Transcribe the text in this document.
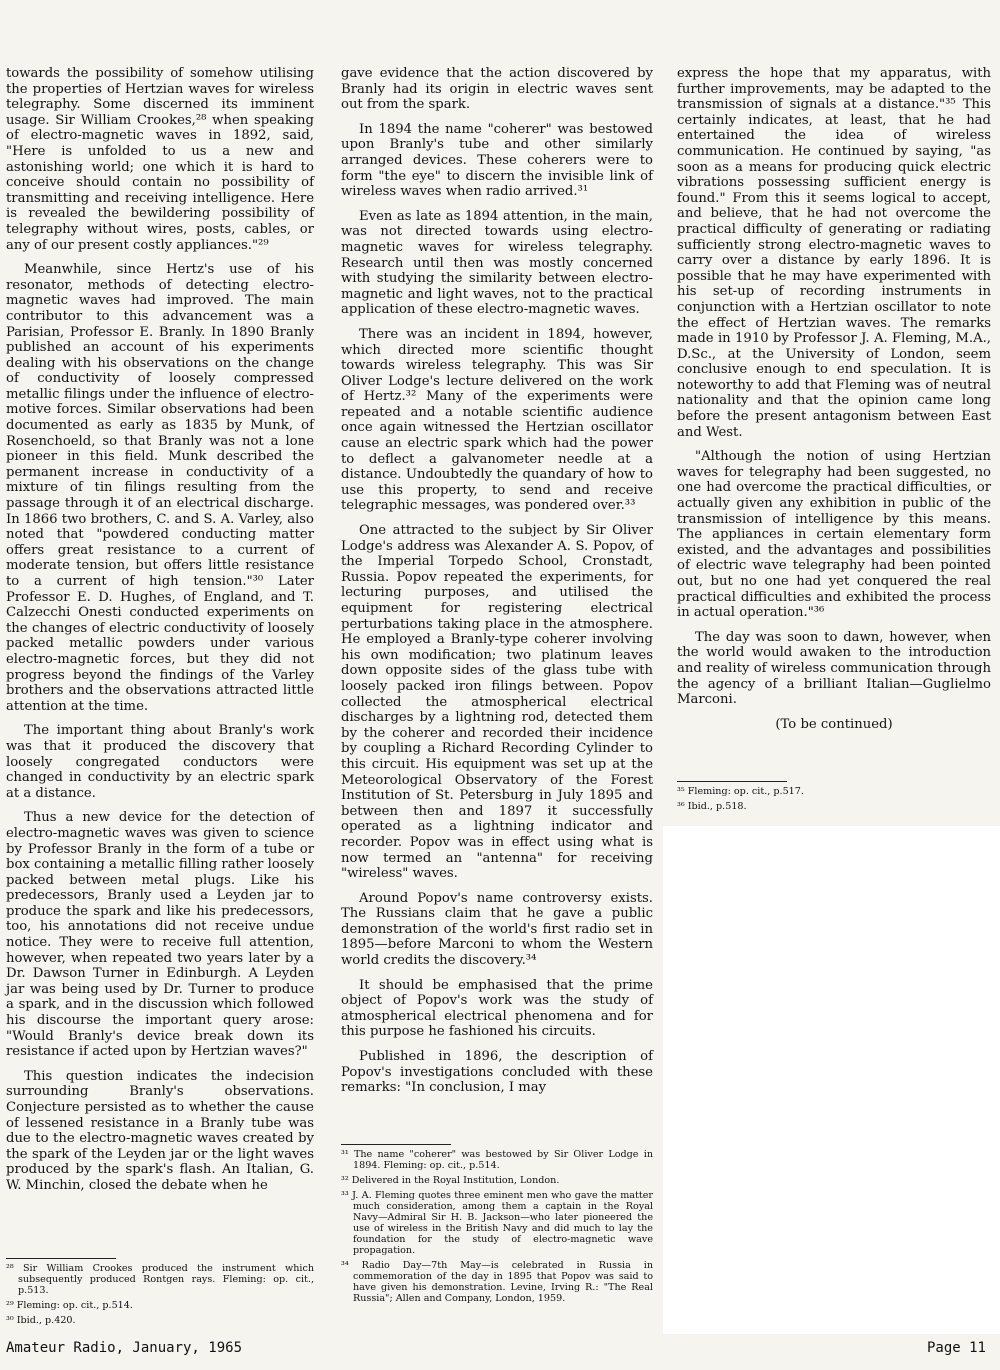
towards the possibility of somehow utilising the properties of Hertzian waves for wireless telegraphy. Some discerned its imminent usage. Sir William Crookes,²⁸ when speaking of electro-magnetic waves in 1892, said, "Here is unfolded to us a new and astonishing world; one which it is hard to conceive should contain no possibility of transmitting and receiving intelligence. Here is revealed the bewildering possibility of telegraphy without wires, posts, cables, or any of our present costly appliances."²⁹

Meanwhile, since Hertz's use of his resonator, methods of detecting electro-magnetic waves had improved. The main contributor to this advancement was a Parisian, Professor E. Branly. In 1890 Branly published an account of his experiments dealing with his observations on the change of conductivity of loosely compressed metallic filings under the influence of electro-motive forces. Similar observations had been documented as early as 1835 by Munk, of Rosenchoeld, so that Branly was not a lone pioneer in this field. Munk described the permanent increase in conductivity of a mixture of tin filings resulting from the passage through it of an electrical discharge. In 1866 two brothers, C. and S. A. Varley, also noted that "powdered conducting matter offers great resistance to a current of moderate tension, but offers little resistance to a current of high tension."³⁰ Later Professor E. D. Hughes, of England, and T. Calzecchi Onesti conducted experiments on the changes of electric conductivity of loosely packed metallic powders under various electro-magnetic forces, but they did not progress beyond the findings of the Varley brothers and the observations attracted little attention at the time.

The important thing about Branly's work was that it produced the discovery that loosely congregated conductors were changed in conductivity by an electric spark at a distance.

Thus a new device for the detection of electro-magnetic waves was given to science by Professor Branly in the form of a tube or box containing a metallic filling rather loosely packed between metal plugs. Like his predecessors, Branly used a Leyden jar to produce the spark and like his predecessors, too, his annotations did not receive undue notice. They were to receive full attention, however, when repeated two years later by a Dr. Dawson Turner in Edinburgh. A Leyden jar was being used by Dr. Turner to produce a spark, and in the discussion which followed his discourse the important query arose: "Would Branly's device break down its resistance if acted upon by Hertzian waves?"

This question indicates the indecision surrounding Branly's observations. Conjecture persisted as to whether the cause of lessened resistance in a Branly tube was due to the electro-magnetic waves created by the spark of the Leyden jar or the light waves produced by the spark's flash. An Italian, G. W. Minchin, closed the debate when he

²⁸ Sir William Crookes produced the instrument which subsequently produced Rontgen rays. Fleming: op. cit., p.513.
²⁹ Fleming: op. cit., p.514.
³⁰ Ibid., p.420.

gave evidence that the action discovered by Branly had its origin in electric waves sent out from the spark.

In 1894 the name "coherer" was bestowed upon Branly's tube and other similarly arranged devices. These coherers were to form "the eye" to discern the invisible link of wireless waves when radio arrived.³¹

Even as late as 1894 attention, in the main, was not directed towards using electro-magnetic waves for wireless telegraphy. Research until then was mostly concerned with studying the similarity between electro-magnetic and light waves, not to the practical application of these electro-magnetic waves.

There was an incident in 1894, however, which directed more scientific thought towards wireless telegraphy. This was Sir Oliver Lodge's lecture delivered on the work of Hertz.³² Many of the experiments were repeated and a notable scientific audience once again witnessed the Hertzian oscillator cause an electric spark which had the power to deflect a galvanometer needle at a distance. Undoubtedly the quandary of how to use this property, to send and receive telegraphic messages, was pondered over.³³

One attracted to the subject by Sir Oliver Lodge's address was Alexander A. S. Popov, of the Imperial Torpedo School, Cronstadt, Russia. Popov repeated the experiments, for lecturing purposes, and utilised the equipment for registering electrical perturbations taking place in the atmosphere. He employed a Branly-type coherer involving his own modification; two platinum leaves down opposite sides of the glass tube with loosely packed iron filings between. Popov collected the atmospherical electrical discharges by a lightning rod, detected them by the coherer and recorded their incidence by coupling a Richard Recording Cylinder to this circuit. His equipment was set up at the Meteorological Observatory of the Forest Institution of St. Petersburg in July 1895 and between then and 1897 it successfully operated as a lightning indicator and recorder. Popov was in effect using what is now termed an "antenna" for receiving "wireless" waves.

Around Popov's name controversy exists. The Russians claim that he gave a public demonstration of the world's first radio set in 1895—before Marconi to whom the Western world credits the discovery.³⁴

It should be emphasised that the prime object of Popov's work was the study of atmospherical electrical phenomena and for this purpose he fashioned his circuits.

Published in 1896, the description of Popov's investigations concluded with these remarks: "In conclusion, I may

³¹ The name "coherer" was bestowed by Sir Oliver Lodge in 1894. Fleming: op. cit., p.514.
³² Delivered in the Royal Institution, London.
³³ J. A. Fleming quotes three eminent men who gave the matter much consideration, among them a captain in the Royal Navy—Admiral Sir H. B. Jackson—who later pioneered the use of wireless in the British Navy and did much to lay the foundation for the study of electro-magnetic wave propagation.
³⁴ Radio Day—7th May—is celebrated in Russia in commemoration of the day in 1895 that Popov was said to have given his demonstration. Levine, Irving R.: "The Real Russia"; Allen and Company, London, 1959.

express the hope that my apparatus, with further improvements, may be adapted to the transmission of signals at a distance."³⁵ This certainly indicates, at least, that he had entertained the idea of wireless communication. He continued by saying, "as soon as a means for producing quick electric vibrations possessing sufficient energy is found." From this it seems logical to accept, and believe, that he had not overcome the practical difficulty of generating or radiating sufficiently strong electro-magnetic waves to carry over a distance by early 1896. It is possible that he may have experimented with his set-up of recording instruments in conjunction with a Hertzian oscillator to note the effect of Hertzian waves. The remarks made in 1910 by Professor J. A. Fleming, M.A., D.Sc., at the University of London, seem conclusive enough to end speculation. It is noteworthy to add that Fleming was of neutral nationality and that the opinion came long before the present antagonism between East and West.

"Although the notion of using Hertzian waves for telegraphy had been suggested, no one had overcome the practical difficulties, or actually given any exhibition in public of the transmission of intelligence by this means. The appliances in certain elementary form existed, and the advantages and possibilities of electric wave telegraphy had been pointed out, but no one had yet conquered the real practical difficulties and exhibited the process in actual operation."³⁶

The day was soon to dawn, however, when the world would awaken to the introduction and reality of wireless communication through the agency of a brilliant Italian—Guglielmo Marconi.

(To be continued)

³⁵ Fleming: op. cit., p.517.
³⁶ Ibid., p.518.
Amateur Radio, January, 1965	Page 11
